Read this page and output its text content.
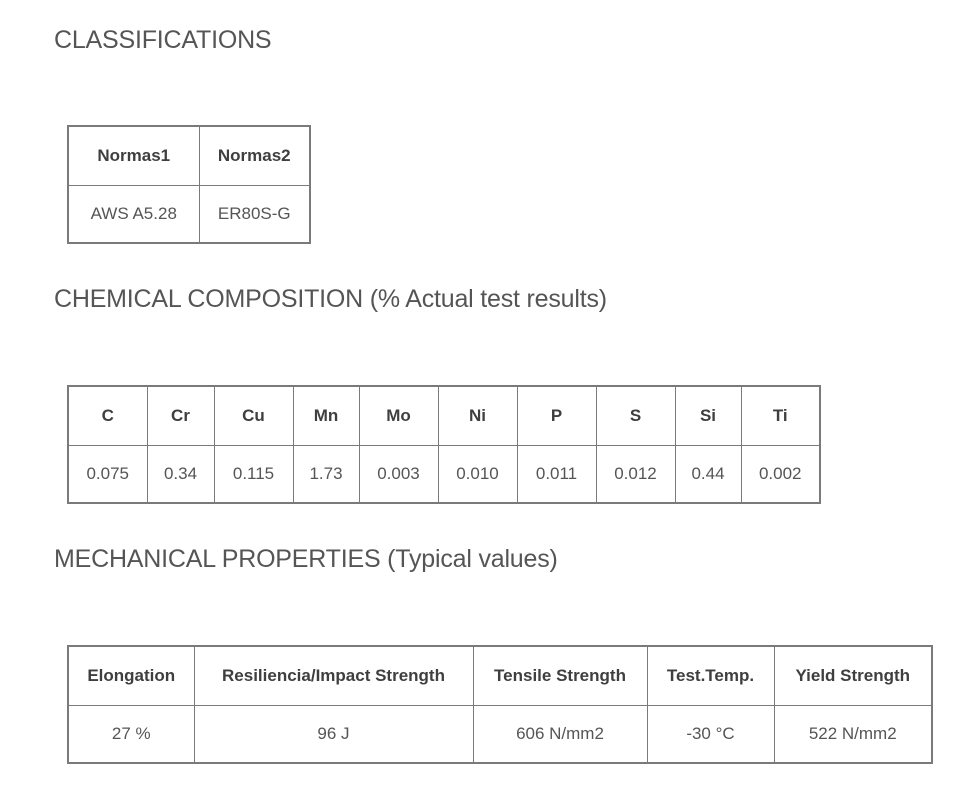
CLASSIFICATIONS
Normas1	Normas2
AWS A5.28	ER80S-G
CHEMICAL COMPOSITION (% Actual test results)
C	Cr	Cu	Mn	Mo	Ni	P	S	Si	Ti
0.075	0.34	0.115	1.73	0.003	0.010	0.011	0.012	0.44	0.002
MECHANICAL PROPERTIES (Typical values)
Elongation	Resiliencia/Impact Strength	Tensile Strength	Test.Temp.	Yield Strength
27 %	96 J	606 N/mm2	-30 °C	522 N/mm2
